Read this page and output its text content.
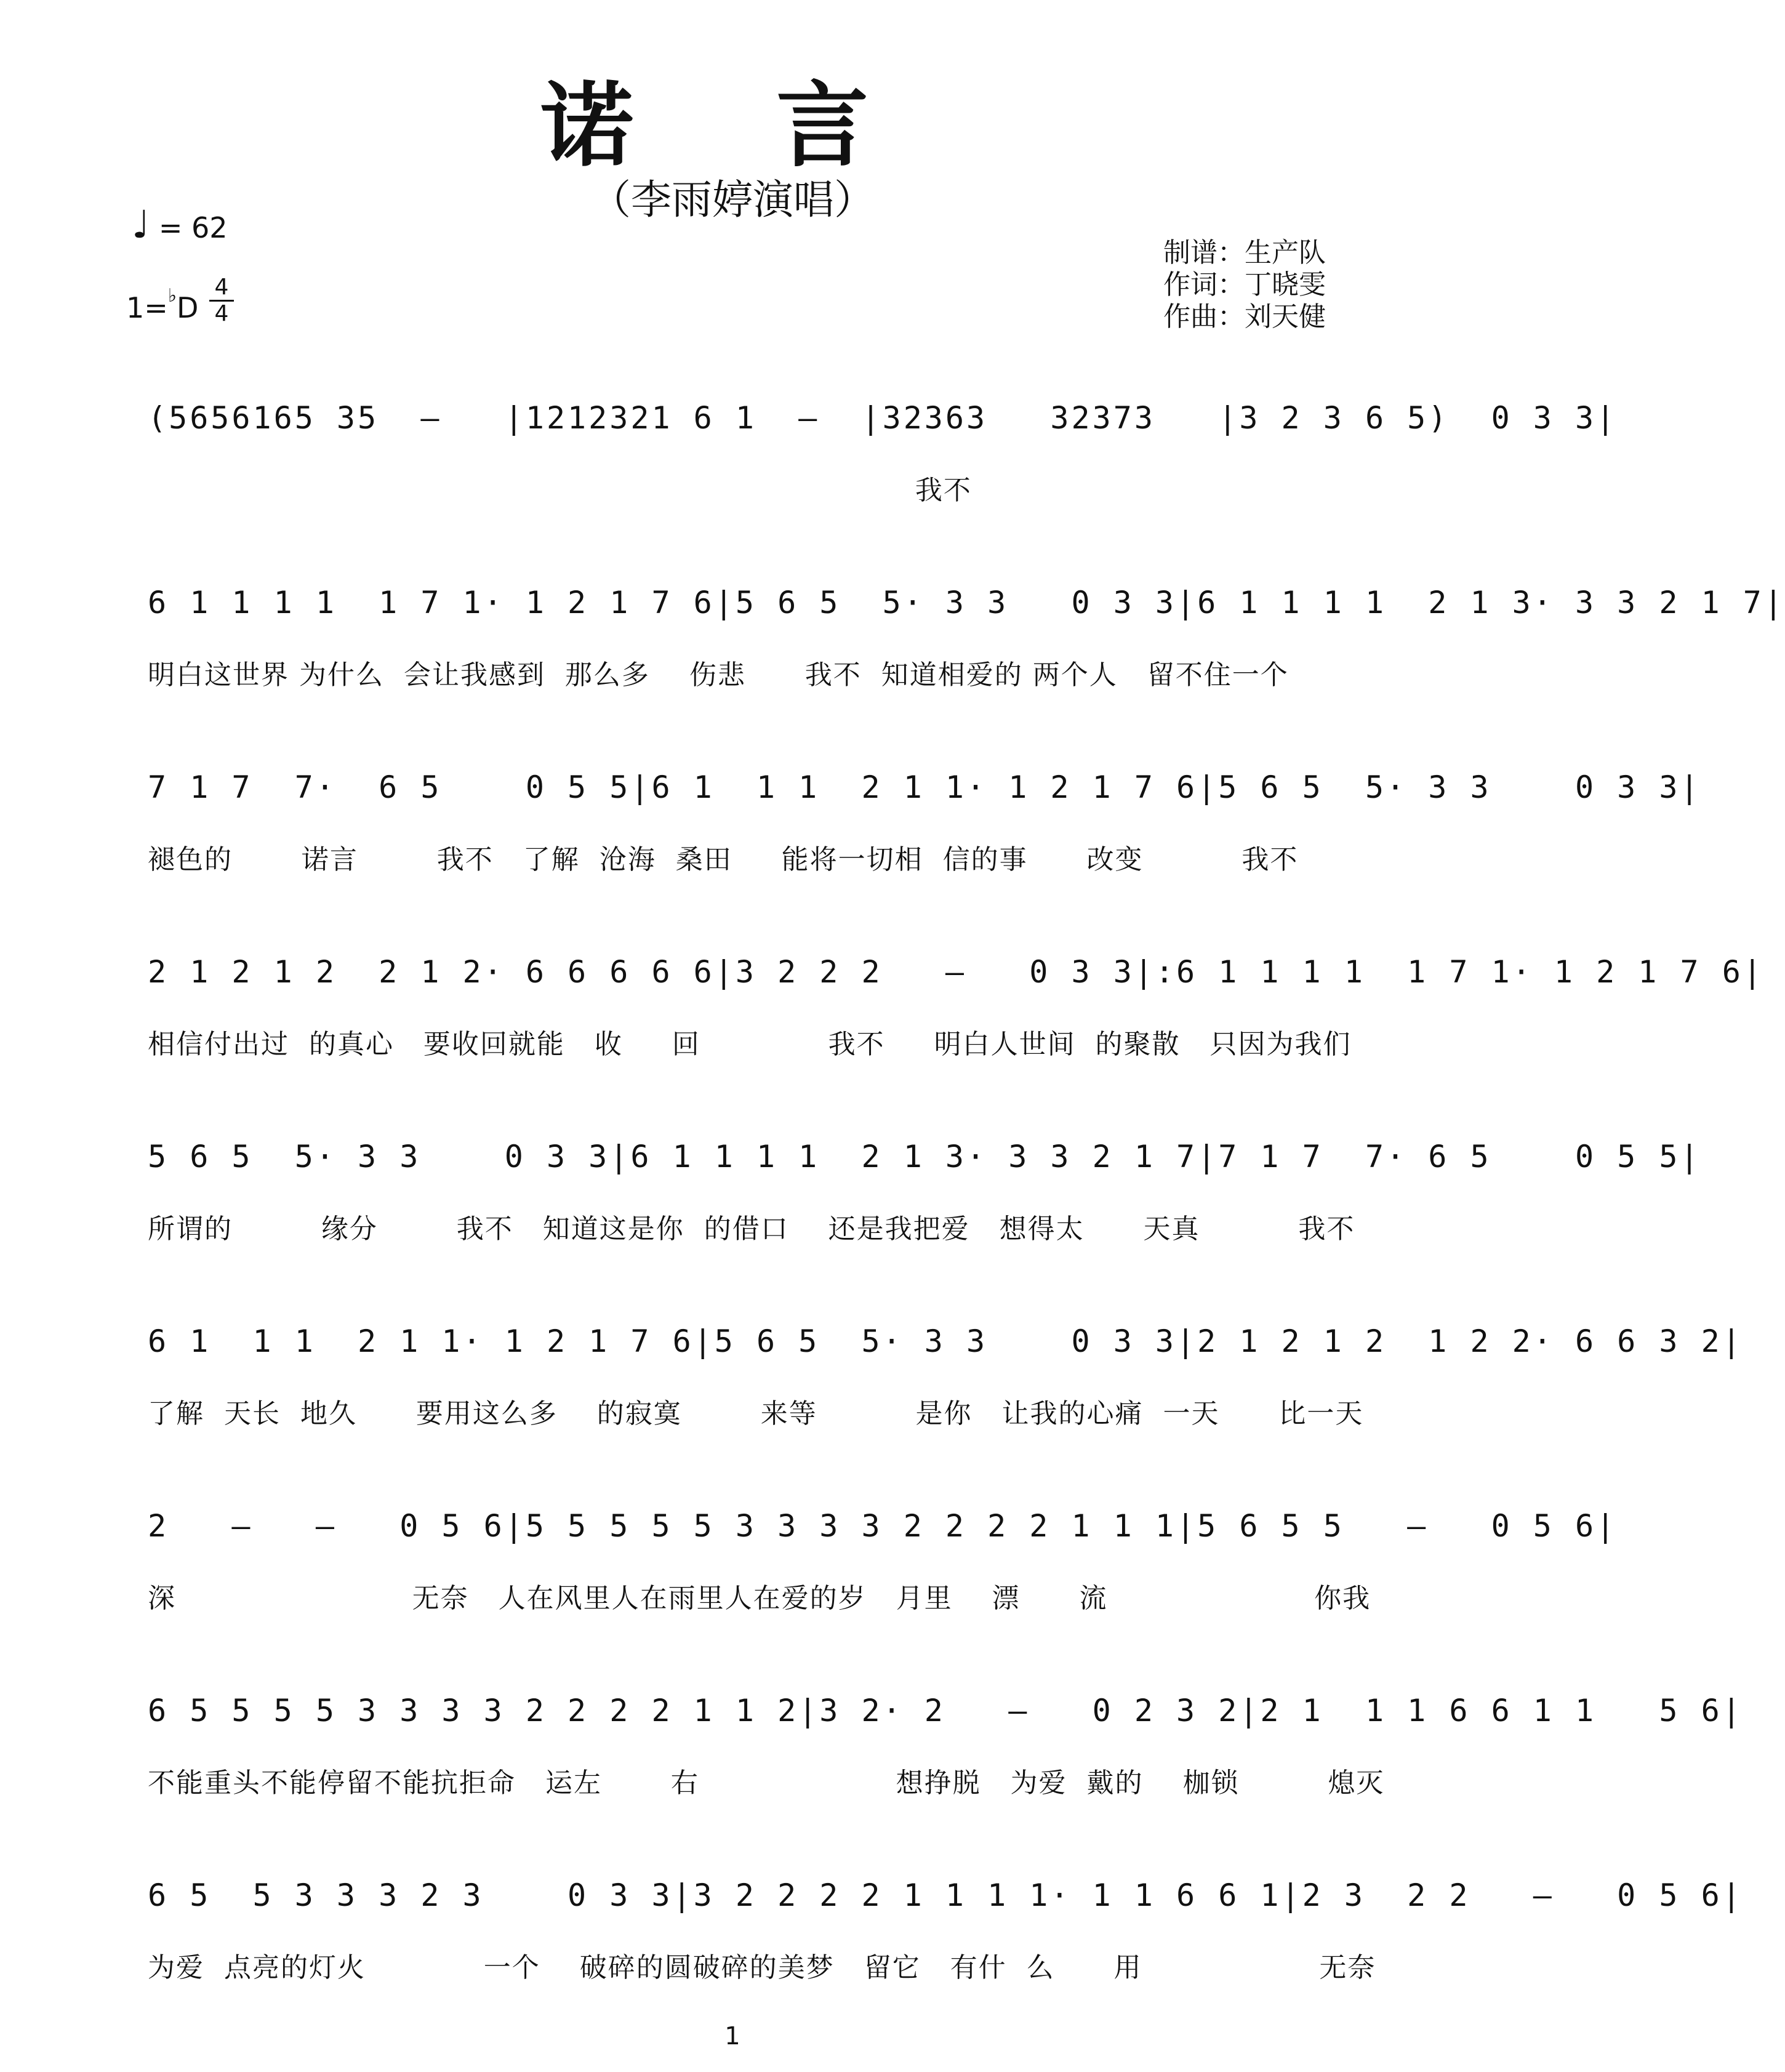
诺 言
（李雨婷演唱）
♩ = 62
1=♭D
4
4
制谱：生产队
作词：丁晓雯
作曲：刘天健
(5656165 35  –   |1212321 6 1  –  |32363   32373   |3 2 3 6 5)  0 3 3|
我不
6 1 1 1 1  1 7 1· 1 2 1 7 6|5 6 5  5· 3 3   0 3 3|6 1 1 1 1  2 1 3· 3 3 2 1 7|
明白这世界 为什么  会让我感到  那么多    伤悲      我不  知道相爱的 两个人   留不住一个
7 1 7  7·  6 5    0 5 5|6 1  1 1  2 1 1· 1 2 1 7 6|5 6 5  5· 3 3    0 3 3|
褪色的       诺言        我不   了解  沧海  桑田     能将一切相  信的事      改变          我不
2 1 2 1 2  2 1 2· 6 6 6 6 6|3 2 2 2   –   0 3 3|:6 1 1 1 1  1 7 1· 1 2 1 7 6|
相信付出过  的真心   要收回就能   收     回             我不     明白人世间  的聚散   只因为我们
5 6 5  5· 3 3    0 3 3|6 1 1 1 1  2 1 3· 3 3 2 1 7|7 1 7  7· 6 5    0 5 5|
所谓的         缘分        我不   知道这是你  的借口    还是我把爱   想得太      天真          我不
6 1  1 1  2 1 1· 1 2 1 7 6|5 6 5  5· 3 3    0 3 3|2 1 2 1 2  1 2 2· 6 6 3 2|
了解  天长  地久      要用这么多    的寂寞        来等          是你   让我的心痛  一天      比一天
2   –   –   0 5 6|5 5 5 5 5 3 3 3 3 2 2 2 2 1 1 1|5 6 5 5   –   0 5 6|
深                        无奈   人在风里人在雨里人在爱的岁   月里    漂      流                     你我
6 5 5 5 5 3 3 3 3 2 2 2 2 1 1 2|3 2· 2   –   0 2 3 2|2 1  1 1 6 6 1 1   5 6|
不能重头不能停留不能抗拒命   运左       右                    想挣脱   为爱  戴的    枷锁         熄灭
6 5  5 3 3 3 2 3    0 3 3|3 2 2 2 2 1 1 1 1· 1 1 6 6 1|2 3  2 2   –   0 5 6|
为爱  点亮的灯火            一个    破碎的圆破碎的美梦   留它   有什  么      用                  无奈
1
